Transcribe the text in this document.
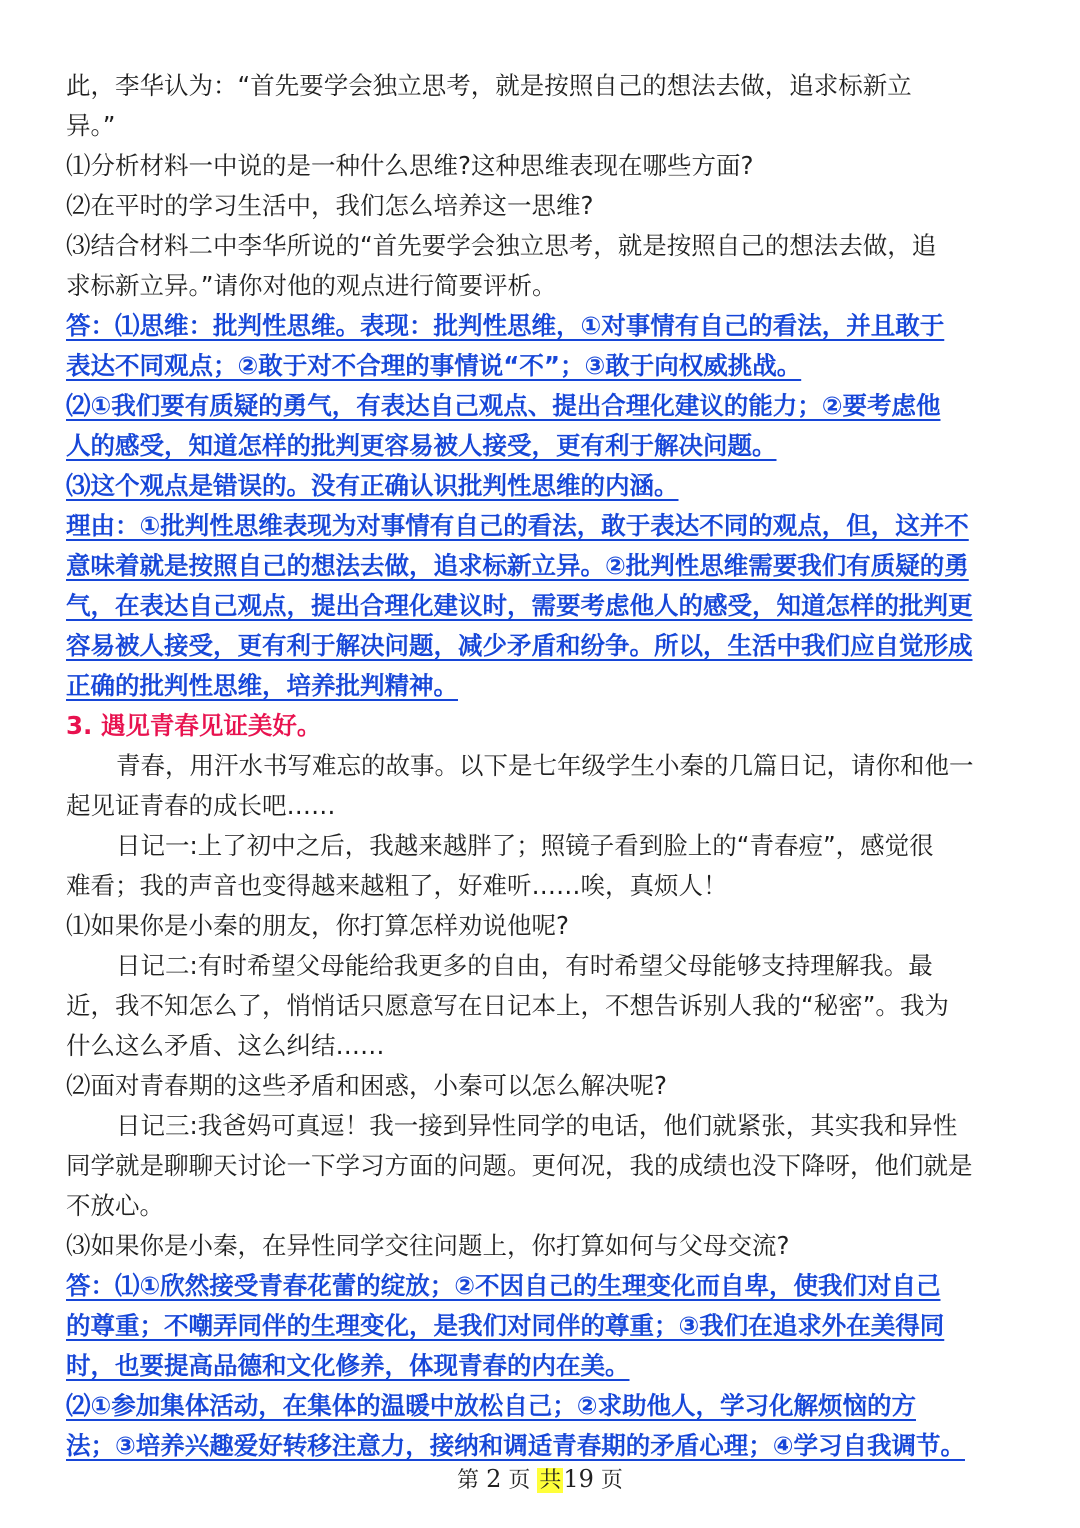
此，李华认为：“首先要学会独立思考，就是按照自己的想法去做，追求标新立
异。”
⑴分析材料一中说的是一种什么思维?这种思维表现在哪些方面?
⑵在平时的学习生活中，我们怎么培养这一思维?
⑶结合材料二中李华所说的“首先要学会独立思考，就是按照自己的想法去做，追
求标新立异。”请你对他的观点进行简要评析。
答：⑴思维：批判性思维。表现：批判性思维，①对事情有自己的看法，并且敢于
表达不同观点；②敢于对不合理的事情说“不”；③敢于向权威挑战。
⑵①我们要有质疑的勇气，有表达自己观点、提出合理化建议的能力；②要考虑他
人的感受，知道怎样的批判更容易被人接受，更有利于解决问题。
⑶这个观点是错误的。没有正确认识批判性思维的内涵。
理由：①批判性思维表现为对事情有自己的看法，敢于表达不同的观点，但，这并不
意味着就是按照自己的想法去做，追求标新立异。②批判性思维需要我们有质疑的勇
气，在表达自己观点，提出合理化建议时，需要考虑他人的感受，知道怎样的批判更
容易被人接受，更有利于解决问题，减少矛盾和纷争。所以，生活中我们应自觉形成
正确的批判性思维，培养批判精神。
3. 遇见青春见证美好。
青春，用汗水书写难忘的故事。以下是七年级学生小秦的几篇日记，请你和他一
起见证青春的成长吧……
日记一:上了初中之后，我越来越胖了；照镜子看到脸上的“青春痘”，感觉很
难看；我的声音也变得越来越粗了，好难听……唉，真烦人！
⑴如果你是小秦的朋友，你打算怎样劝说他呢?
日记二:有时希望父母能给我更多的自由，有时希望父母能够支持理解我。最
近，我不知怎么了，悄悄话只愿意写在日记本上，不想告诉别人我的“秘密”。我为
什么这么矛盾、这么纠结……
⑵面对青春期的这些矛盾和困惑，小秦可以怎么解决呢?
日记三:我爸妈可真逗！我一接到异性同学的电话，他们就紧张，其实我和异性
同学就是聊聊天讨论一下学习方面的问题。更何况，我的成绩也没下降呀，他们就是
不放心。
⑶如果你是小秦，在异性同学交往问题上，你打算如何与父母交流?
答：⑴①欣然接受青春花蕾的绽放；②不因自己的生理变化而自卑，使我们对自己
的尊重；不嘲弄同伴的生理变化，是我们对同伴的尊重；③我们在追求外在美得同
时，也要提高品德和文化修养，体现青春的内在美。
⑵①参加集体活动，在集体的温暖中放松自己；②求助他人，学习化解烦恼的方
法；③培养兴趣爱好转移注意力，接纳和调适青春期的矛盾心理；④学习自我调节。
第 2 页 共19 页
